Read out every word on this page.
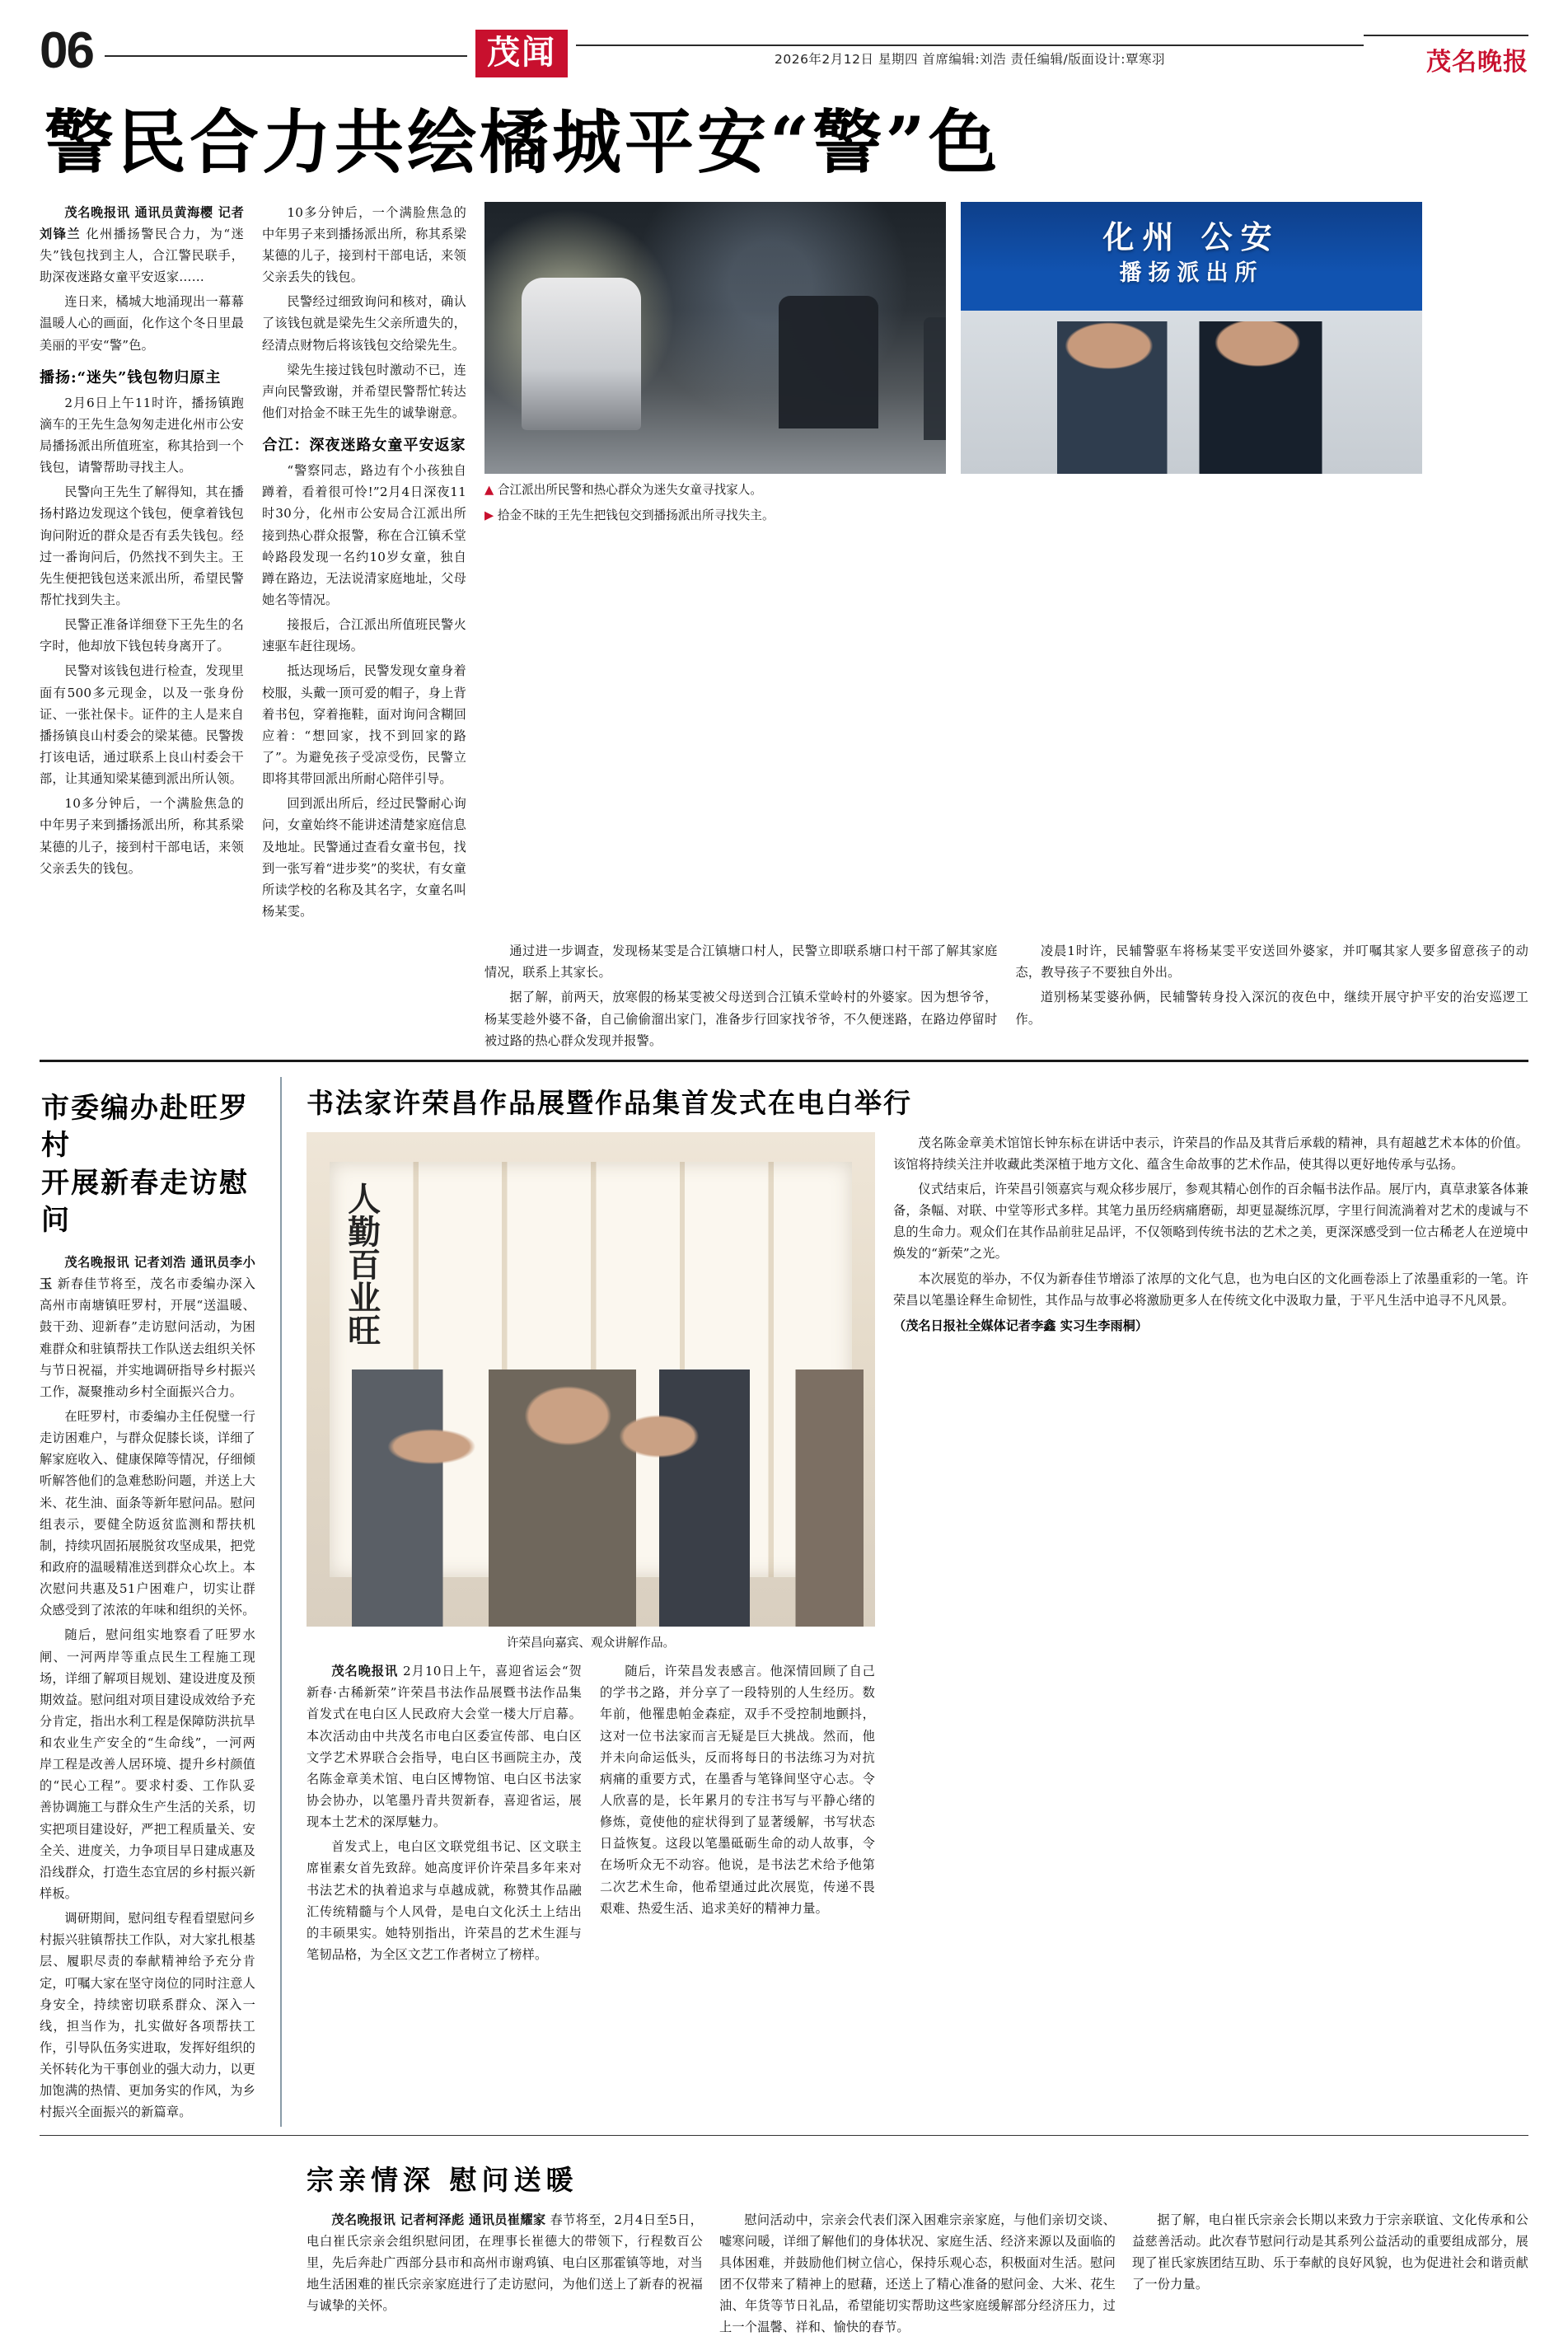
06	茂闻	2026年2月12日 星期四 首席编辑:刘浩 责任编辑/版面设计:覃寒羽	茂名晚报
警民合力共绘橘城平安“警”色

茂名晚报讯 通讯员黄海樱 记者刘锋兰 化州播扬警民合力，为“迷失”钱包找到主人，合江警民联手，助深夜迷路女童平安返家……

连日来，橘城大地涌现出一幕幕温暖人心的画面，化作这个冬日里最美丽的平安“警”色。

播扬:“迷失”钱包物归原主

2月6日上午11时许，播扬镇跑滴车的王先生急匆匆走进化州市公安局播扬派出所值班室，称其拾到一个钱包，请警帮助寻找主人。

民警向王先生了解得知，其在播扬村路边发现这个钱包，便拿着钱包询问附近的群众是否有丢失钱包。经过一番询问后，仍然找不到失主。王先生便把钱包送来派出所，希望民警帮忙找到失主。

民警正准备详细登下王先生的名字时，他却放下钱包转身离开了。

民警对该钱包进行检查，发现里面有500多元现金，以及一张身份证、一张社保卡。证件的主人是来自播扬镇良山村委会的梁某德。民警拨打该电话，通过联系上良山村委会干部，让其通知梁某德到派出所认领。

10多分钟后，一个满脸焦急的中年男子来到播扬派出所，称其系梁某德的儿子，接到村干部电话，来领父亲丢失的钱包。

10多分钟后，一个满脸焦急的中年男子来到播扬派出所，称其系梁某德的儿子，接到村干部电话，来领父亲丢失的钱包。

民警经过细致询问和核对，确认了该钱包就是梁先生父亲所遗失的，经清点财物后将该钱包交给梁先生。

梁先生接过钱包时激动不已，连声向民警致谢，并希望民警帮忙转达他们对拾金不昧王先生的诚挚谢意。

合江：深夜迷路女童平安返家

“警察同志，路边有个小孩独自蹲着，看着很可怜!”2月4日深夜11时30分，化州市公安局合江派出所接到热心群众报警，称在合江镇禾堂岭路段发现一名约10岁女童，独自蹲在路边，无法说清家庭地址，父母她名等情况。

接报后，合江派出所值班民警火速驱车赶往现场。

抵达现场后，民警发现女童身着校服，头戴一顶可爱的帽子，身上背着书包，穿着拖鞋，面对询问含糊回应着：“想回家，找不到回家的路了”。为避免孩子受凉受伤，民警立即将其带回派出所耐心陪伴引导。

回到派出所后，经过民警耐心询问，女童始终不能讲述清楚家庭信息及地址。民警通过查看女童书包，找到一张写着“进步奖”的奖状，有女童所读学校的名称及其名字，女童名叫杨某雯。

▲ 合江派出所民警和热心群众为迷失女童寻找家人。
▶ 拾金不昧的王先生把钱包交到播扬派出所寻找失主。
化州 公安
播扬派出所

通过进一步调查，发现杨某雯是合江镇塘口村人，民警立即联系塘口村干部了解其家庭情况，联系上其家长。

据了解，前两天，放寒假的杨某雯被父母送到合江镇禾堂岭村的外婆家。因为想爷爷，杨某雯趁外婆不备，自己偷偷溜出家门，准备步行回家找爷爷，不久便迷路，在路边停留时被过路的热心群众发现并报警。

凌晨1时许，民辅警驱车将杨某雯平安送回外婆家，并叮嘱其家人要多留意孩子的动态，教导孩子不要独自外出。

道别杨某雯婆孙俩，民辅警转身投入深沉的夜色中，继续开展守护平安的治安巡逻工作。

市委编办赴旺罗村
开展新春走访慰问

茂名晚报讯 记者刘浩 通讯员李小玉 新春佳节将至，茂名市委编办深入高州市南塘镇旺罗村，开展“送温暖、鼓干劲、迎新春”走访慰问活动，为困难群众和驻镇帮扶工作队送去组织关怀与节日祝福，并实地调研指导乡村振兴工作，凝聚推动乡村全面振兴合力。

在旺罗村，市委编办主任倪璧一行走访困难户，与群众促膝长谈，详细了解家庭收入、健康保障等情况，仔细倾听解答他们的急难愁盼问题，并送上大米、花生油、面条等新年慰问品。慰问组表示，要健全防返贫监测和帮扶机制，持续巩固拓展脱贫攻坚成果，把党和政府的温暖精准送到群众心坎上。本次慰问共惠及51户困难户，切实让群众感受到了浓浓的年味和组织的关怀。

随后，慰问组实地察看了旺罗水闸、一河两岸等重点民生工程施工现场，详细了解项目规划、建设进度及预期效益。慰问组对项目建设成效给予充分肯定，指出水利工程是保障防洪抗旱和农业生产安全的“生命线”，一河两岸工程是改善人居环境、提升乡村颜值的“民心工程”。要求村委、工作队妥善协调施工与群众生产生活的关系，切实把项目建设好，严把工程质量关、安全关、进度关，力争项目早日建成惠及沿线群众，打造生态宜居的乡村振兴新样板。

调研期间，慰问组专程看望慰问乡村振兴驻镇帮扶工作队，对大家扎根基层、履职尽责的奉献精神给予充分肯定，叮嘱大家在坚守岗位的同时注意人身安全，持续密切联系群众、深入一线，担当作为，扎实做好各项帮扶工作，引导队伍务实进取，发挥好组织的关怀转化为干事创业的强大动力，以更加饱满的热情、更加务实的作风，为乡村振兴全面振兴的新篇章。

书法家许荣昌作品展暨作品集首发式在电白举行
人勤百业旺
许荣昌向嘉宾、观众讲解作品。

茂名晚报讯 2月10日上午，喜迎省运会“贺新春·古稀新荣”许荣昌书法作品展暨书法作品集首发式在电白区人民政府大会堂一楼大厅启幕。本次活动由中共茂名市电白区委宣传部、电白区文学艺术界联合会指导，电白区书画院主办，茂名陈金章美术馆、电白区博物馆、电白区书法家协会协办，以笔墨丹青共贺新春，喜迎省运，展现本土艺术的深厚魅力。

首发式上，电白区文联党组书记、区文联主席崔素女首先致辞。她高度评价许荣昌多年来对书法艺术的执着追求与卓越成就，称赞其作品融汇传统精髓与个人风骨，是电白文化沃土上结出的丰硕果实。她特别指出，许荣昌的艺术生涯与笔韧品格，为全区文艺工作者树立了榜样。

随后，许荣昌发表感言。他深情回顾了自己的学书之路，并分享了一段特别的人生经历。数年前，他罹患帕金森症，双手不受控制地颤抖，这对一位书法家而言无疑是巨大挑战。然而，他并未向命运低头，反而将每日的书法练习为对抗病痛的重要方式，在墨香与笔锋间坚守心志。令人欣喜的是，长年累月的专注书写与平静心绪的修炼，竟使他的症状得到了显著缓解，书写状态日益恢复。这段以笔墨砥砺生命的动人故事，令在场听众无不动容。他说，是书法艺术给予他第二次艺术生命，他希望通过此次展览，传递不畏艰难、热爱生活、追求美好的精神力量。

茂名陈金章美术馆馆长钟东标在讲话中表示，许荣昌的作品及其背后承载的精神，具有超越艺术本体的价值。该馆将持续关注并收藏此类深植于地方文化、蕴含生命故事的艺术作品，使其得以更好地传承与弘扬。

仪式结束后，许荣昌引领嘉宾与观众移步展厅，参观其精心创作的百余幅书法作品。展厅内，真草隶篆各体兼备，条幅、对联、中堂等形式多样。其笔力虽历经病痛磨砺，却更显凝练沉厚，字里行间流淌着对艺术的虔诚与不息的生命力。观众们在其作品前驻足品评，不仅领略到传统书法的艺术之美，更深深感受到一位古稀老人在逆境中焕发的“新荣”之光。

本次展览的举办，不仅为新春佳节增添了浓厚的文化气息，也为电白区的文化画卷添上了浓墨重彩的一笔。许荣昌以笔墨诠释生命韧性，其作品与故事必将激励更多人在传统文化中汲取力量，于平凡生活中追寻不凡风景。

（茂名日报社全媒体记者李鑫 实习生李雨桐）

宗亲情深 慰问送暖

茂名晚报讯 记者柯泽彪 通讯员崔耀家 春节将至，2月4日至5日，电白崔氏宗亲会组织慰问团，在理事长崔德大的带领下，行程数百公里，先后奔赴广西部分县市和高州市谢鸡镇、电白区那霍镇等地，对当地生活困难的崔氏宗亲家庭进行了走访慰问，为他们送上了新春的祝福与诚挚的关怀。

慰问活动中，宗亲会代表们深入困难宗亲家庭，与他们亲切交谈、嘘寒问暖，详细了解他们的身体状况、家庭生活、经济来源以及面临的具体困难，并鼓励他们树立信心，保持乐观心态，积极面对生活。慰问团不仅带来了精神上的慰藉，还送上了精心准备的慰问金、大米、花生油、年货等节日礼品，希望能切实帮助这些家庭缓解部分经济压力，过上一个温馨、祥和、愉快的春节。

据了解，电白崔氏宗亲会长期以来致力于宗亲联谊、文化传承和公益慈善活动。此次春节慰问行动是其系列公益活动的重要组成部分，展现了崔氏家族团结互助、乐于奉献的良好风貌，也为促进社会和谐贡献了一份力量。
